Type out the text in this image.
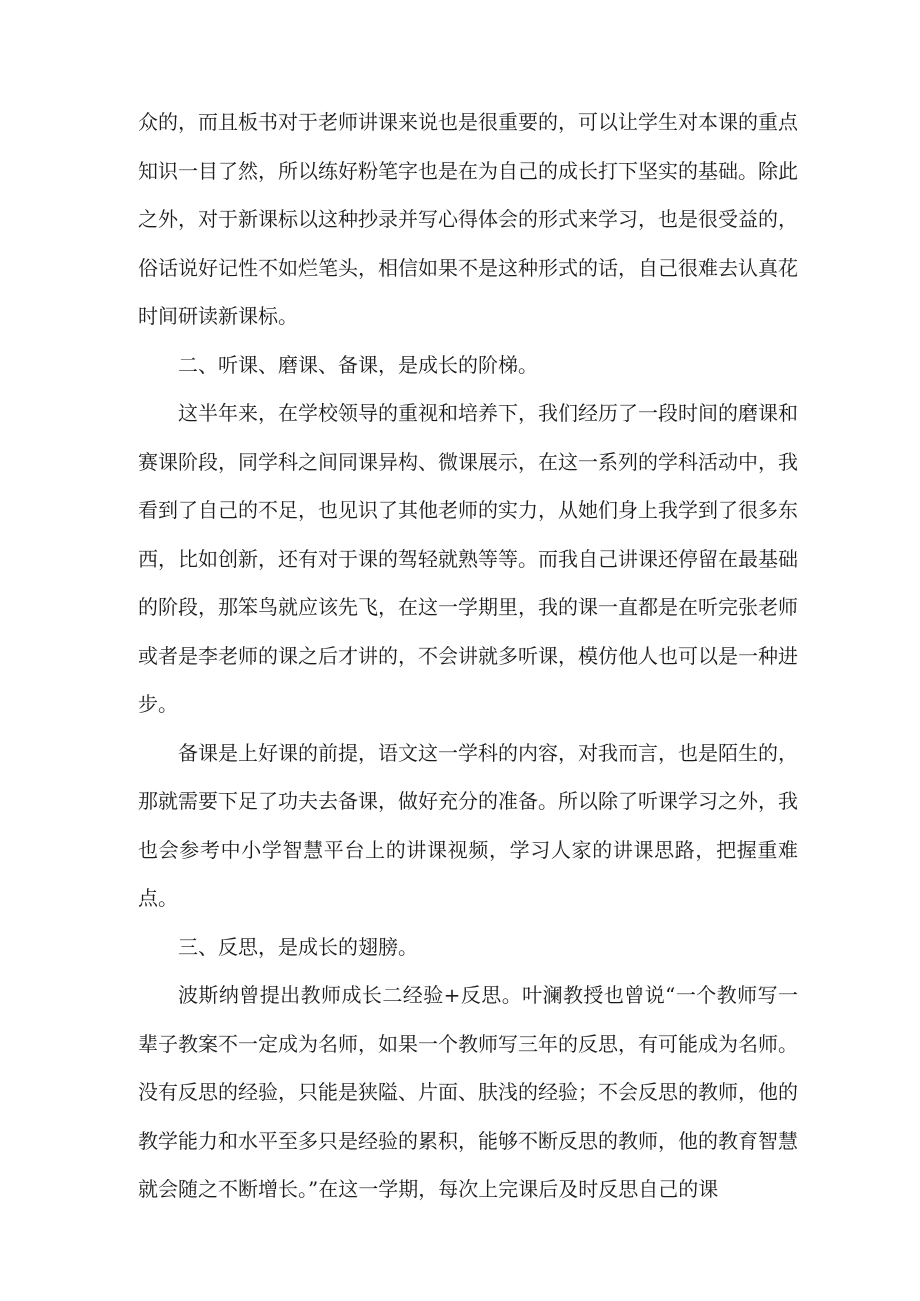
众的，而且板书对于老师讲课来说也是很重要的，可以让学生对本课的重点知识一目了然，所以练好粉笔字也是在为自己的成长打下坚实的基础。除此之外，对于新课标以这种抄录并写心得体会的形式来学习，也是很受益的，俗话说好记性不如烂笔头，相信如果不是这种形式的话，自己很难去认真花时间研读新课标。

二、听课、磨课、备课，是成长的阶梯。

这半年来，在学校领导的重视和培养下，我们经历了一段时间的磨课和赛课阶段，同学科之间同课异构、微课展示，在这一系列的学科活动中，我看到了自己的不足，也见识了其他老师的实力，从她们身上我学到了很多东西，比如创新，还有对于课的驾轻就熟等等。而我自己讲课还停留在最基础的阶段，那笨鸟就应该先飞，在这一学期里，我的课一直都是在听完张老师或者是李老师的课之后才讲的，不会讲就多听课，模仿他人也可以是一种进步。

备课是上好课的前提，语文这一学科的内容，对我而言，也是陌生的，那就需要下足了功夫去备课，做好充分的准备。所以除了听课学习之外，我也会参考中小学智慧平台上的讲课视频，学习人家的讲课思路，把握重难点。

三、反思，是成长的翅膀。

波斯纳曾提出教师成长二经验+反思。叶澜教授也曾说“一个教师写一辈子教案不一定成为名师，如果一个教师写三年的反思，有可能成为名师。没有反思的经验，只能是狭隘、片面、肤浅的经验；不会反思的教师，他的教学能力和水平至多只是经验的累积，能够不断反思的教师，他的教育智慧就会随之不断增长。”在这一学期，每次上完课后及时反思自己的课
